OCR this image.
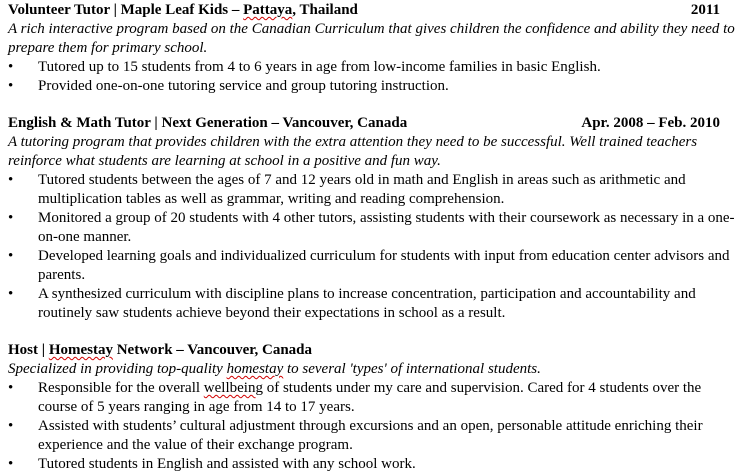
Volunteer Tutor | Maple Leaf Kids – Pattaya, Thailand	2011

A rich interactive program based on the Canadian Curriculum that gives children the confidence and ability they need to prepare them for primary school.

• Tutored up to 15 students from 4 to 6 years in age from low-income families in basic English.
• Provided one-on-one tutoring service and group tutoring instruction.
English & Math Tutor | Next Generation – Vancouver, Canada	Apr. 2008 – Feb. 2010

A tutoring program that provides children with the extra attention they need to be successful. Well trained teachers reinforce what students are learning at school in a positive and fun way.

• Tutored students between the ages of 7 and 12 years old in math and English in areas such as arithmetic and multiplication tables as well as grammar, writing and reading comprehension.
• Monitored a group of 20 students with 4 other tutors, assisting students with their coursework as necessary in a one-on-one manner.
• Developed learning goals and individualized curriculum for students with input from education center advisors and parents.
• A synthesized curriculum with discipline plans to increase concentration, participation and accountability and routinely saw students achieve beyond their expectations in school as a result.
Host | Homestay Network – Vancouver, Canada

Specialized in providing top-quality homestay to several 'types' of international students.

• Responsible for the overall wellbeing of students under my care and supervision. Cared for 4 students over the course of 5 years ranging in age from 14 to 17 years.
• Assisted with students’ cultural adjustment through excursions and an open, personable attitude enriching their experience and the value of their exchange program.
• Tutored students in English and assisted with any school work.
